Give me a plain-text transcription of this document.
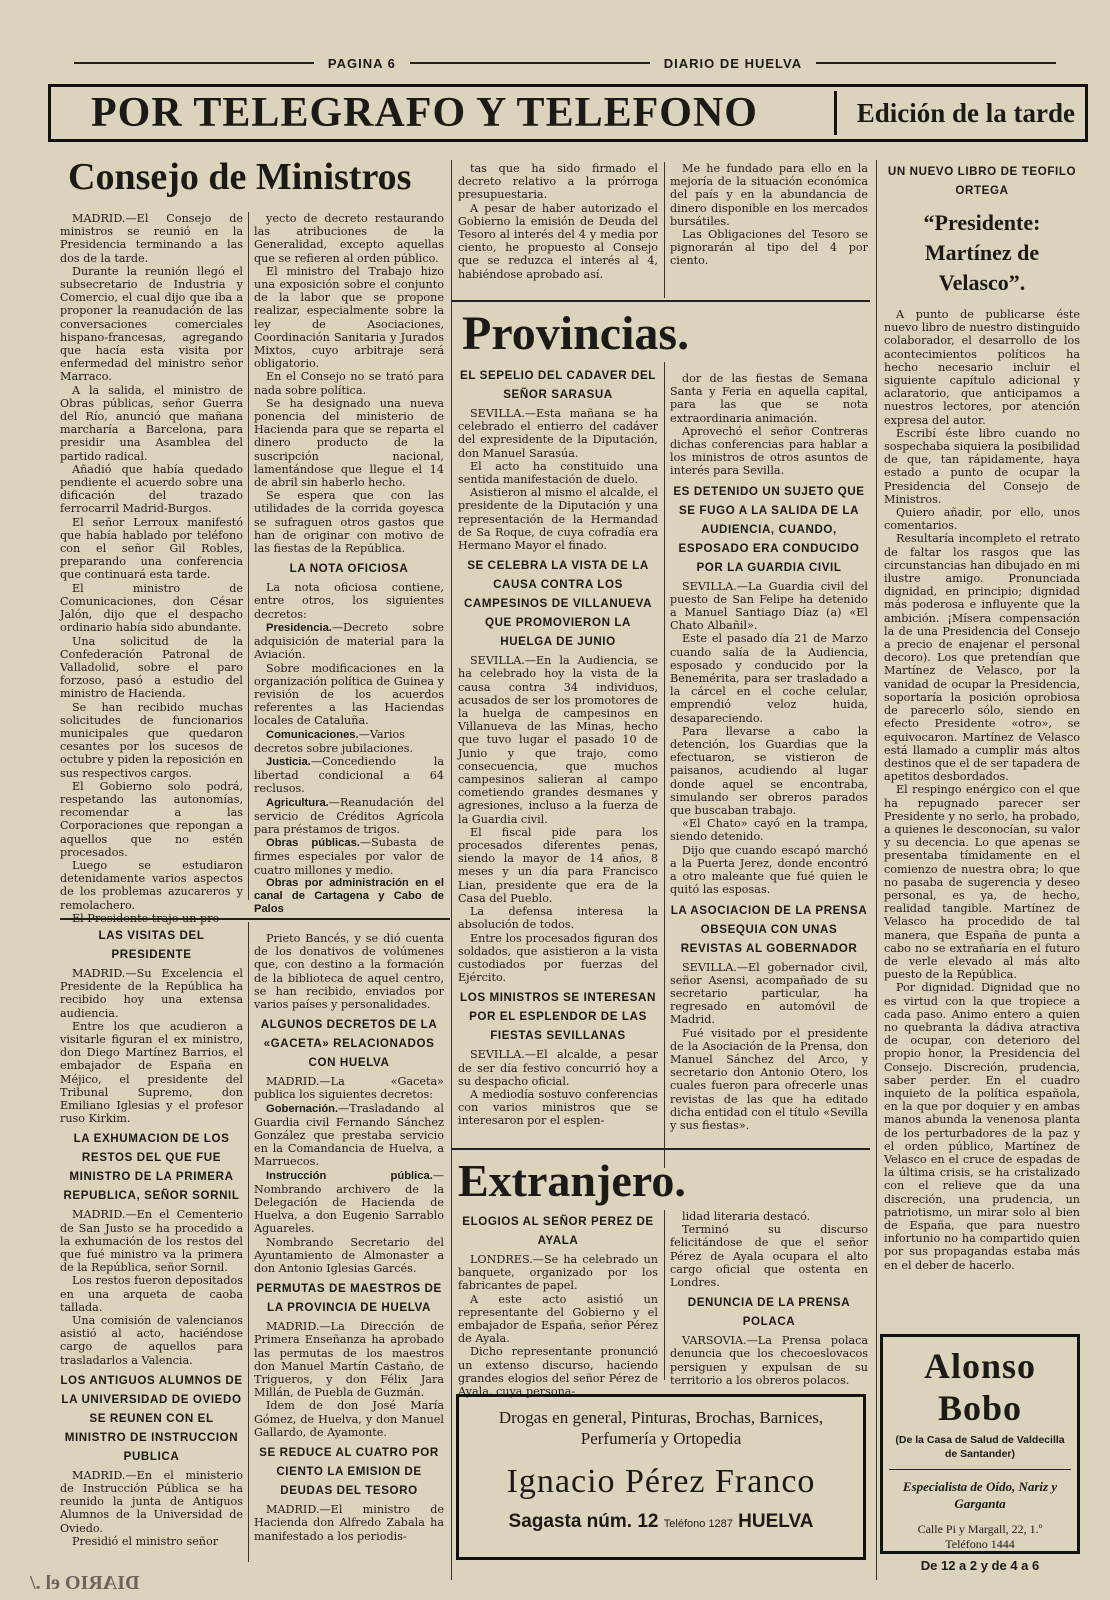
PAGINA 6	DIARIO DE HUELVA
POR TELEGRAFO Y TELEFONO	Edición de la tarde
Consejo de Ministros

MADRID.—El Consejo de ministros se reunió en la Presidencia terminando a las dos de la tarde.

Durante la reunión llegó el subsecretario de Industria y Comercio, el cual dijo que iba a proponer la reanudación de las conversaciones comerciales hispano-francesas, agregando que hacía esta visita por enfermedad del ministro señor Marraco.

A la salida, el ministro de Obras públicas, señor Guerra del Río, anunció que mañana marcharía a Barcelona, para presidir una Asamblea del partido radical.

Añadió que había quedado pendiente el acuerdo sobre una dificación del trazado ferrocarril Madrid-Burgos.

El señor Lerroux manifestó que había hablado por teléfono con el señor Gil Robles, preparando una conferencia que continuará esta tarde.

El ministro de Comunicaciones, don César Jalón, dijo que el despacho ordinario había sido abundante.

Una solicitud de la Confederación Patronal de Valladolid, sobre el paro forzoso, pasó a estudio del ministro de Hacienda.

Se han recibido muchas solicitudes de funcionarios municipales que quedaron cesantes por los sucesos de octubre y piden la reposición en sus respectivos cargos.

El Gobierno solo podrá, respetando las autonomías, recomendar a las Corporaciones que repongan a aquellos que no estén procesados.

Luego se estudiaron detenidamente varios aspectos de los problemas azucareros y remolachero.

El Presidente trajo un pro-

yecto de decreto restaurando las atribuciones de la Generalidad, excepto aquellas que se refieren al orden público.

El ministro del Trabajo hizo una exposición sobre el conjunto de la labor que se propone realizar, especialmente sobre la ley de Asociaciones, Coordinación Sanitaria y Jurados Mixtos, cuyo arbitraje será obligatorio.

En el Consejo no se trató para nada sobre política.

Se ha designado una nueva ponencia del ministerio de Hacienda para que se reparta el dinero producto de la suscripción nacional, lamentándose que llegue el 14 de abril sin haberlo hecho.

Se espera que con las utilidades de la corrida goyesca se sufraguen otros gastos que han de originar con motivo de las fiestas de la República.

LA NOTA OFICIOSA

La nota oficiosa contiene, entre otros, los siguientes decretos:

Presidencia.—Decreto sobre adquisición de material para la Aviación.

Sobre modificaciones en la organización política de Guinea y revisión de los acuerdos referentes a las Haciendas locales de Cataluña.

Comunicaciones.—Varios decretos sobre jubilaciones.

Justicia.—Concediendo la libertad condicional a 64 reclusos.

Agricultura.—Reanudación del servicio de Créditos Agrícola para préstamos de trigos.

Obras públicas.—Subasta de firmes especiales por valor de cuatro millones y medio.

Obras por administración en el canal de Cartagena y Cabo de Palos

tas que ha sido firmado el decreto relativo a la prórroga presupuestaria.

A pesar de haber autorizado el Gobierno la emisión de Deuda del Tesoro al interés del 4 y media por ciento, he propuesto al Consejo que se reduzca el interés al 4, habiéndose aprobado así.

Me he fundado para ello en la mejoría de la situación económica del país y en la abundancia de dinero disponible en los mercados bursátiles.

Las Obligaciones del Tesoro se pignorarán al tipo del 4 por ciento.

Provincias.
EL SEPELIO DEL CADAVER DEL SEÑOR SARASUA

SEVILLA.—Esta mañana se ha celebrado el entierro del cadáver del expresidente de la Diputación, don Manuel Sarasúa.

El acto ha constituido una sentida manifestación de duelo.

Asistieron al mismo el alcalde, el presidente de la Diputación y una representación de la Hermandad de Sa Roque, de cuya cofradía era Hermano Mayor el finado.

SE CELEBRA LA VISTA DE LA CAUSA CONTRA LOS CAMPESINOS DE VILLANUEVA QUE PROMOVIERON LA HUELGA DE JUNIO

SEVILLA.—En la Audiencia, se ha celebrado hoy la vista de la causa contra 34 individuos, acusados de ser los promotores de la huelga de campesinos en Villanueva de las Minas, hecho que tuvo lugar el pasado 10 de Junio y que trajo, como consecuencia, que muchos campesinos salieran al campo cometiendo grandes desmanes y agresiones, incluso a la fuerza de la Guardia civil.

El fiscal pide para los procesados diferentes penas, siendo la mayor de 14 años, 8 meses y un día para Francisco Lian, presidente que era de la Casa del Pueblo.

La defensa interesa la absolución de todos.

Entre los procesados figuran dos soldados, que asistieron a la vista custodiados por fuerzas del Ejército.

LOS MINISTROS SE INTERESAN POR EL ESPLENDOR DE LAS FIESTAS SEVILLANAS

SEVILLA.—El alcalde, a pesar de ser día festivo concurrió hoy a su despacho oficial.

A mediodía sostuvo conferencias con varios ministros que se interesaron por el esplen-

dor de las fiestas de Semana Santa y Feria en aquella capital, para las que se nota extraordinaria animación.

Aprovechó el señor Contreras dichas conferencias para hablar a los ministros de otros asuntos de interés para Sevilla.

ES DETENIDO UN SUJETO QUE SE FUGO A LA SALIDA DE LA AUDIENCIA, CUANDO, ESPOSADO ERA CONDUCIDO POR LA GUARDIA CIVIL

SEVILLA.—La Guardia civil del puesto de San Felipe ha detenido a Manuel Santiago Díaz (a) «El Chato Albañil».

Este el pasado día 21 de Marzo cuando salía de la Audiencia, esposado y conducido por la Benemérita, para ser trasladado a la cárcel en el coche celular, emprendió veloz huida, desapareciendo.

Para llevarse a cabo la detención, los Guardias que la efectuaron, se vistieron de paisanos, acudiendo al lugar donde aquel se encontraba, simulando ser obreros parados que buscaban trabajo.

«El Chato» cayó en la trampa, siendo detenido.

Dijo que cuando escapó marchó a la Puerta Jerez, donde encontró a otro maleante que fué quien le quitó las esposas.

LA ASOCIACION DE LA PRENSA OBSEQUIA CON UNAS REVISTAS AL GOBERNADOR

SEVILLA.—El gobernador civil, señor Asensi, acompañado de su secretario particular, ha regresado en automóvil de Madrid.

Fué visitado por el presidente de la Asociación de la Prensa, don Manuel Sánchez del Arco, y secretario don Antonio Otero, los cuales fueron para ofrecerle unas revistas de las que ha editado dicha entidad con el título «Sevilla y sus fiestas».

Extranjero.
ELOGIOS AL SEÑOR PEREZ DE AYALA

LONDRES.—Se ha celebrado un banquete, organizado por los fabricantes de papel.

A este acto asistió un representante del Gobierno y el embajador de España, señor Pérez de Ayala.

Dicho representante pronunció un extenso discurso, haciendo grandes elogios del señor Pérez de Ayala, cuya persona-

lidad literaria destacó.

Terminó su discurso felicitándose de que el señor Pérez de Ayala ocupara el alto cargo oficial que ostenta en Londres.

DENUNCIA DE LA PRENSA POLACA

VARSOVIA.—La Prensa polaca denuncia que los checoeslovacos persiguen y expulsan de su territorio a los obreros polacos.

Drogas en general, Pinturas, Brochas, Barnices,
Perfumería y Ortopedia
Ignacio Pérez Franco
Sagasta núm. 12 Teléfono 1287 HUELVA
LAS VISITAS DEL PRESIDENTE

MADRID.—Su Excelencia el Presidente de la República ha recibido hoy una extensa audiencia.

Entre los que acudieron a visitarle figuran el ex ministro, don Diego Martínez Barrios, el embajador de España en Méjico, el presidente del Tribunal Supremo, don Emiliano Iglesias y el profesor ruso Kirkim.

LA EXHUMACION DE LOS RESTOS DEL QUE FUE MINISTRO DE LA PRIMERA REPUBLICA, SEÑOR SORNIL

MADRID.—En el Cementerio de San Justo se ha procedido a la exhumación de los restos del que fué ministro va la primera de la República, señor Sornil.

Los restos fueron depositados en una arqueta de caoba tallada.

Una comisión de valencianos asistió al acto, haciéndose cargo de aquellos para trasladarlos a Valencia.

LOS ANTIGUOS ALUMNOS DE LA UNIVERSIDAD DE OVIEDO SE REUNEN CON EL MINISTRO DE INSTRUCCION PUBLICA

MADRID.—En el ministerio de Instrucción Pública se ha reunido la junta de Antiguos Alumnos de la Universidad de Oviedo.

Presidió el ministro señor

Prieto Bancés, y se dió cuenta de los donativos de volúmenes que, con destino a la formación de la biblioteca de aquel centro, se han recibido, enviados por varios países y personalidades.

ALGUNOS DECRETOS DE LA «GACETA» RELACIONADOS CON HUELVA

MADRID.—La «Gaceta» publica los siguientes decretos:

Gobernación.—Trasladando al Guardia civil Fernando Sánchez González que prestaba servicio en la Comandancia de Huelva, a Marruecos.

Instrucción pública.—Nombrando archivero de la Delegación de Hacienda de Huelva, a don Eugenio Sarrablo Aguareles.

Nombrando Secretario del Ayuntamiento de Almonaster a don Antonio Iglesias Garcés.

PERMUTAS DE MAESTROS DE LA PROVINCIA DE HUELVA

MADRID.—La Dirección de Primera Enseñanza ha aprobado las permutas de los maestros don Manuel Martín Castaño, de Trigueros, y don Félix Jara Millán, de Puebla de Guzmán.

Idem de don José María Gómez, de Huelva, y don Manuel Gallardo, de Ayamonte.

SE REDUCE AL CUATRO POR CIENTO LA EMISION DE DEUDAS DEL TESORO

MADRID.—El ministro de Hacienda don Alfredo Zabala ha manifestado a los periodis-

UN NUEVO LIBRO DE TEOFILO ORTEGA
“Presidente: Martínez de Velasco”.

A punto de publicarse éste nuevo libro de nuestro distinguido colaborador, el desarrollo de los acontecimientos políticos ha hecho necesario incluir el siguiente capítulo adicional y aclaratorio, que anticipamos a nuestros lectores, por atención expresa del autor.

Escribí éste libro cuando no sospechaba siquiera la posibilidad de que, tan rápidamente, haya estado a punto de ocupar la Presidencia del Consejo de Ministros.

Quiero añadir, por ello, unos comentarios.

Resultaría incompleto el retrato de faltar los rasgos que las circunstancias han dibujado en mi ilustre amigo. Pronunciada dignidad, en principio; dignidad más poderosa e influyente que la ambición. ¡Mísera compensación la de una Presidencia del Consejo a precio de enajenar el personal decoro). Los que pretendían que Martínez de Velasco, por la vanidad de ocupar la Presidencia, soportaría la posición oprobiosa de parecerlo sólo, siendo en efecto Presidente «otro», se equivocaron. Martínez de Velasco está llamado a cumplir más altos destinos que el de ser tapadera de apetitos desbordados.

El respingo enérgico con el que ha repugnado parecer ser Presidente y no serlo, ha probado, a quienes le desconocían, su valor y su decencia. Lo que apenas se presentaba tímidamente en el comienzo de nuestra obra; lo que no pasaba de sugerencia y deseo personal, es ya, de hecho, realidad tangible. Martínez de Velasco ha procedido de tal manera, que España de punta a cabo no se extrañaría en el futuro de verle elevado al más alto puesto de la República.

Por dignidad. Dignidad que no es virtud con la que tropiece a cada paso. Animo entero a quien no quebranta la dádiva atractiva de ocupar, con deterioro del propio honor, la Presidencia del Consejo. Discreción, prudencia, saber perder. En el cuadro inquieto de la política española, en la que por doquier y en ambas manos abunda la venenosa planta de los perturbadores de la paz y el orden público, Martínez de Velasco en el cruce de espadas de la última crisis, se ha cristalizado con el relieve que da una discreción, una prudencia, un patriotismo, un mirar solo al bien de España, que para nuestro infortunio no ha compartido quien por sus propagandas estaba más en el deber de hacerlo.

Alonso Bobo
(De la Casa de Salud de Valdecilla de Santander)
Especialista de Oído, Nariz y Garganta
Calle Pi y Margall, 22, 1.º
Teléfono 1444
De 12 a 2 y de 4 a 6
DIARIO el ./
